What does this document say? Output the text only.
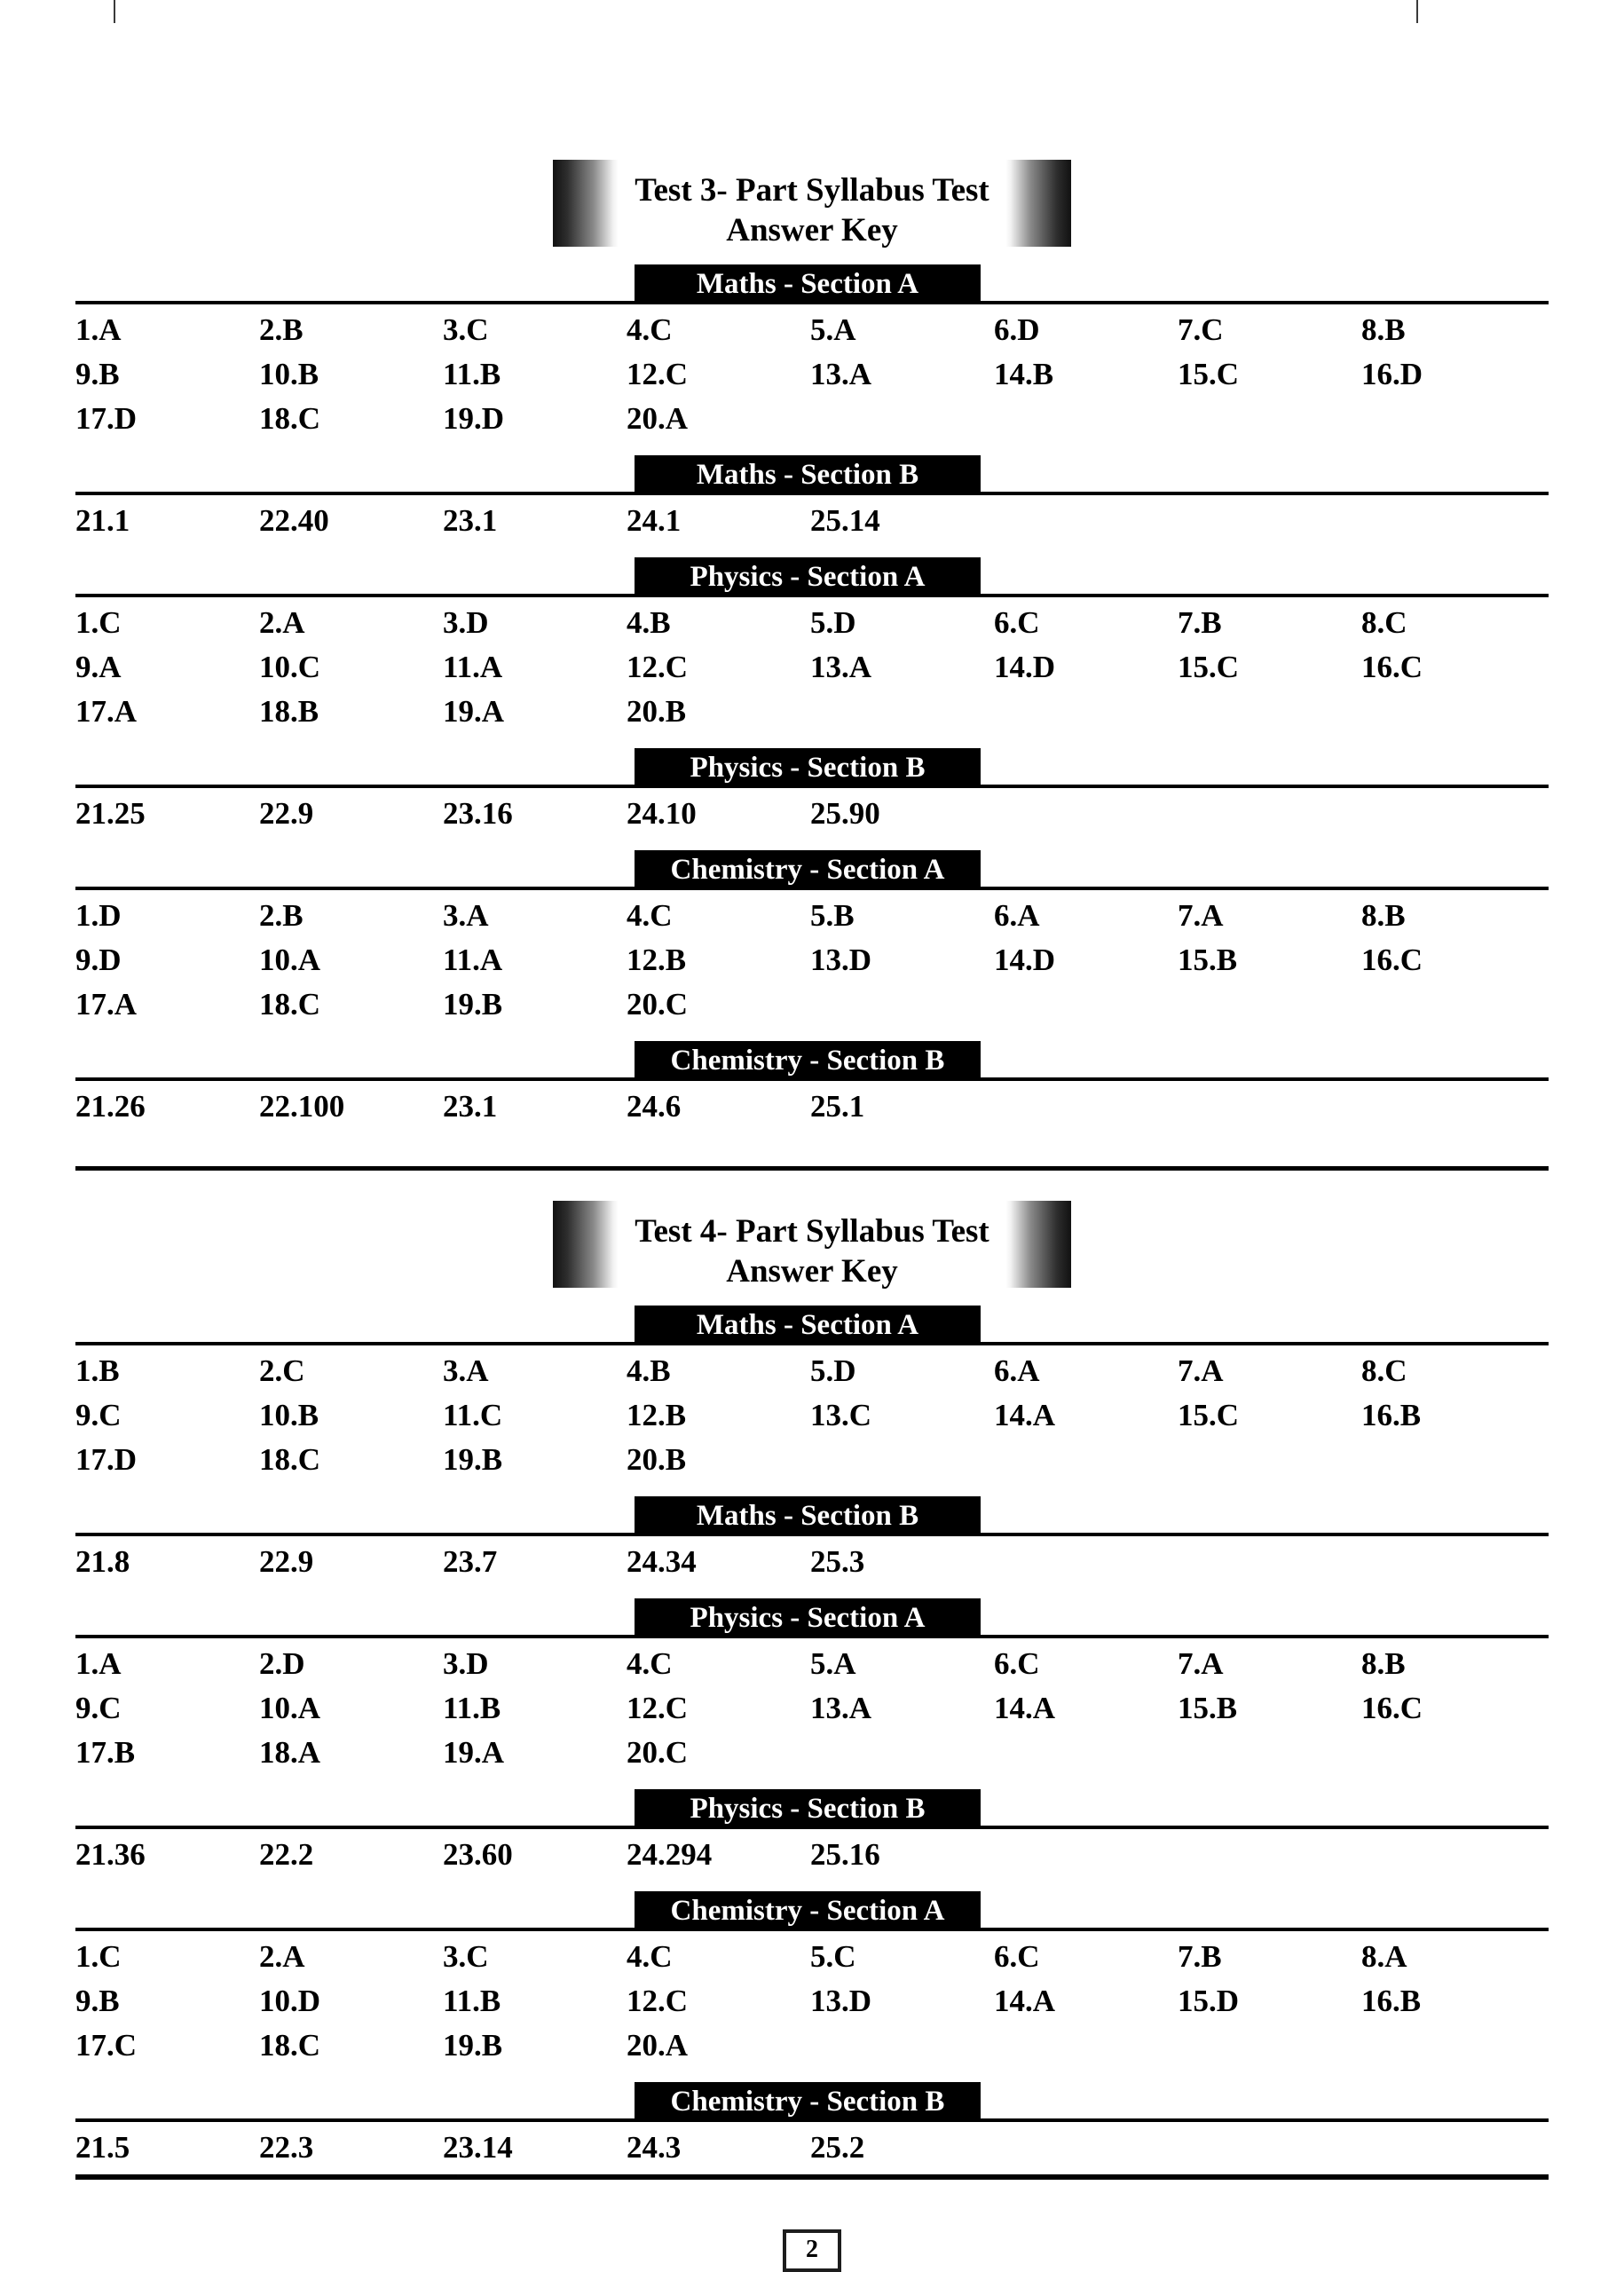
Test 3- Part Syllabus Test
Answer Key
Maths - Section A
1.A	2.B	3.C	4.C	5.A	6.D	7.C	8.B
9.B	10.B	11.B	12.C	13.A	14.B	15.C	16.D
17.D	18.C	19.D	20.A
Maths - Section B
21.1	22.40	23.1	24.1	25.14
Physics - Section A
1.C	2.A	3.D	4.B	5.D	6.C	7.B	8.C
9.A	10.C	11.A	12.C	13.A	14.D	15.C	16.C
17.A	18.B	19.A	20.B
Physics - Section B
21.25	22.9	23.16	24.10	25.90
Chemistry - Section A
1.D	2.B	3.A	4.C	5.B	6.A	7.A	8.B
9.D	10.A	11.A	12.B	13.D	14.D	15.B	16.C
17.A	18.C	19.B	20.C
Chemistry - Section B
21.26	22.100	23.1	24.6	25.1
Test 4- Part Syllabus Test
Answer Key
Maths - Section A
1.B	2.C	3.A	4.B	5.D	6.A	7.A	8.C
9.C	10.B	11.C	12.B	13.C	14.A	15.C	16.B
17.D	18.C	19.B	20.B
Maths - Section B
21.8	22.9	23.7	24.34	25.3
Physics - Section A
1.A	2.D	3.D	4.C	5.A	6.C	7.A	8.B
9.C	10.A	11.B	12.C	13.A	14.A	15.B	16.C
17.B	18.A	19.A	20.C
Physics - Section B
21.36	22.2	23.60	24.294	25.16
Chemistry - Section A
1.C	2.A	3.C	4.C	5.C	6.C	7.B	8.A
9.B	10.D	11.B	12.C	13.D	14.A	15.D	16.B
17.C	18.C	19.B	20.A
Chemistry - Section B
21.5	22.3	23.14	24.3	25.2
2
